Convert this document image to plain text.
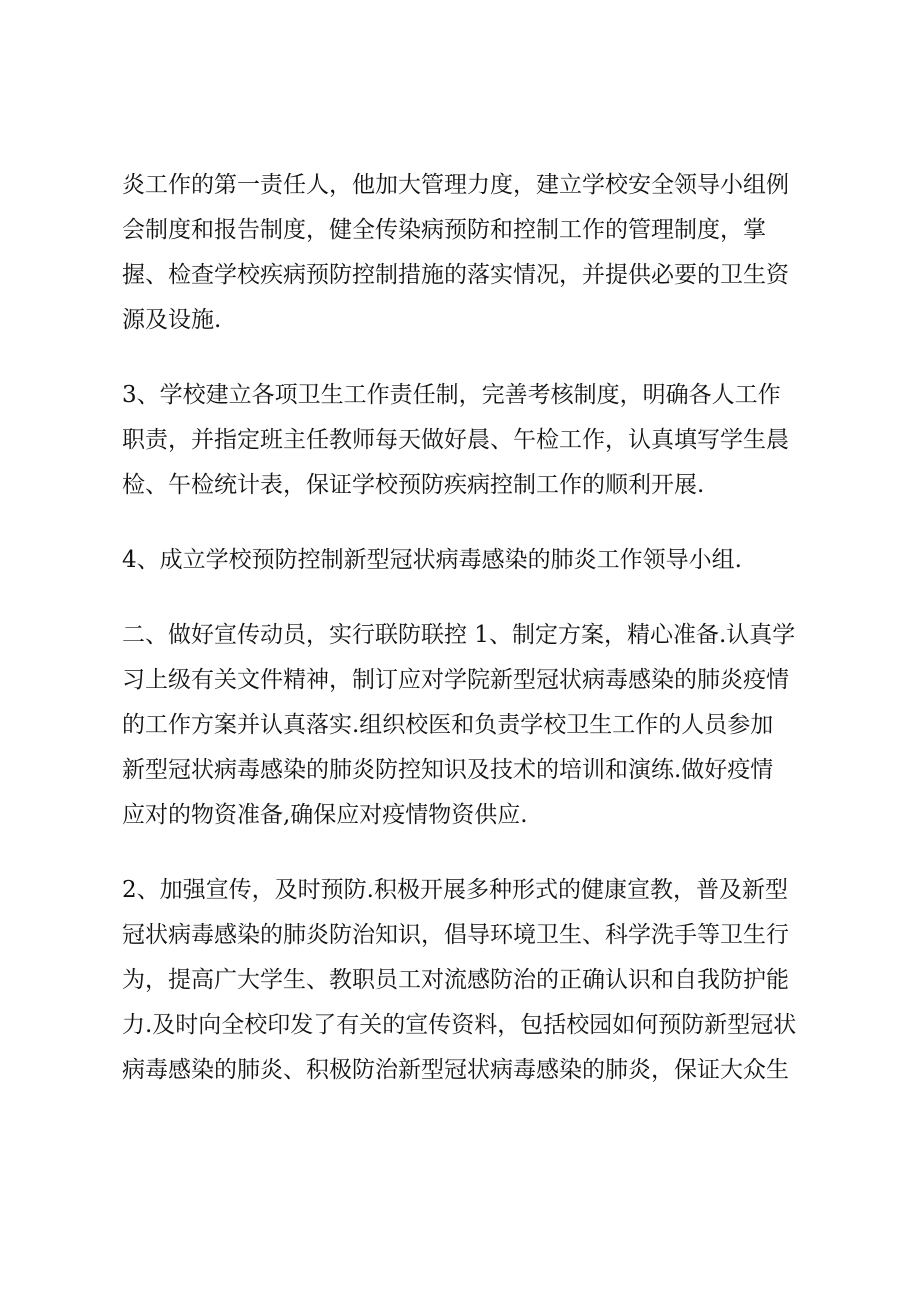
炎工作的第一责任人，他加大管理力度，建立学校安全领导小组例
会制度和报告制度，健全传染病预防和控制工作的管理制度，掌
握、检查学校疾病预防控制措施的落实情况，并提供必要的卫生资
源及设施.

3、学校建立各项卫生工作责任制，完善考核制度，明确各人工作
职责，并指定班主任教师每天做好晨、午检工作，认真填写学生晨
检、午检统计表，保证学校预防疾病控制工作的顺利开展.

4、成立学校预防控制新型冠状病毒感染的肺炎工作领导小组.

二、做好宣传动员，实行联防联控 1、制定方案，精心准备.认真学
习上级有关文件精神，制订应对学院新型冠状病毒感染的肺炎疫情
的工作方案并认真落实.组织校医和负责学校卫生工作的人员参加
新型冠状病毒感染的肺炎防控知识及技术的培训和演练.做好疫情
应对的物资准备,确保应对疫情物资供应.

2、加强宣传，及时预防.积极开展多种形式的健康宣教，普及新型
冠状病毒感染的肺炎防治知识，倡导环境卫生、科学洗手等卫生行
为，提高广大学生、教职员工对流感防治的正确认识和自我防护能
力.及时向全校印发了有关的宣传资料，包括校园如何预防新型冠状
病毒感染的肺炎、积极防治新型冠状病毒感染的肺炎，保证大众生
